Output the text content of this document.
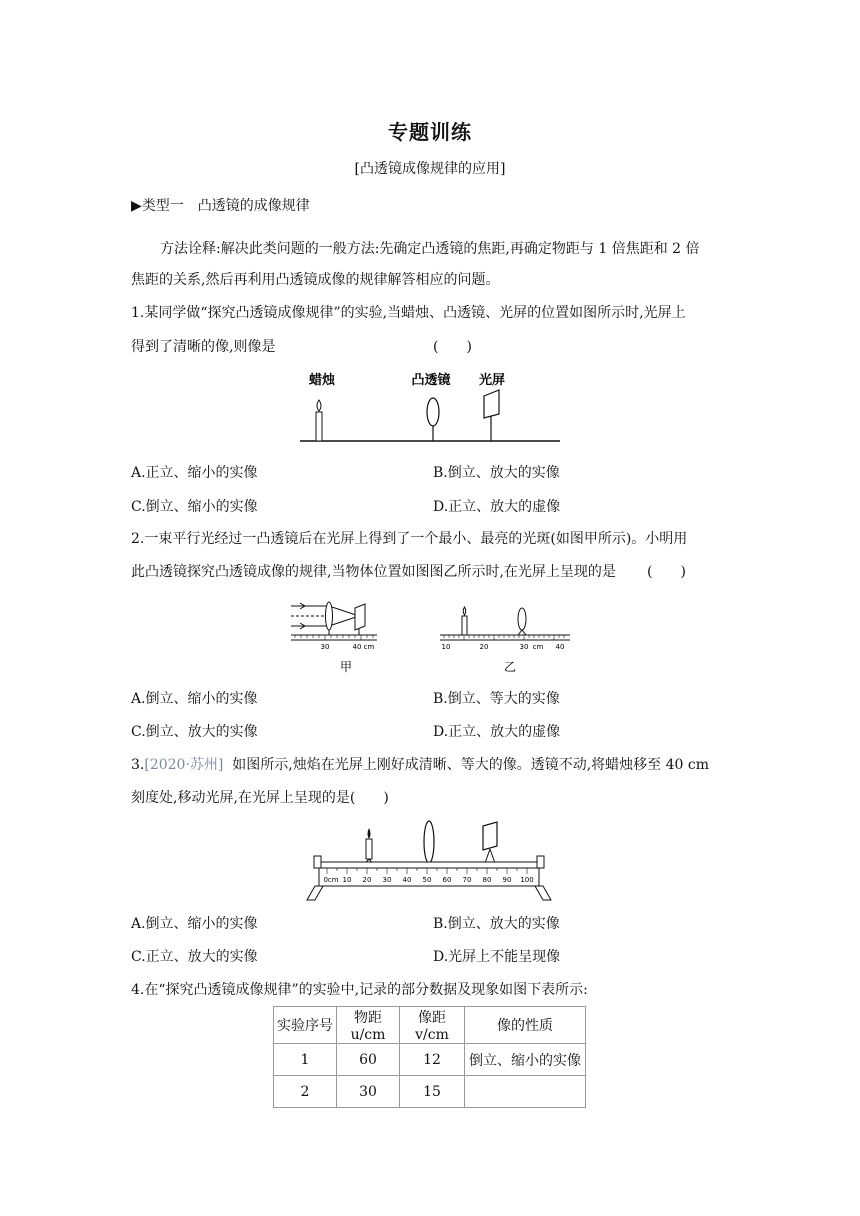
专题训练
[凸透镜成像规律的应用]
▶类型一　凸透镜的成像规律
方法诠释:解决此类问题的一般方法:先确定凸透镜的焦距,再确定物距与 1 倍焦距和 2 倍
焦距的关系,然后再利用凸透镜成像的规律解答相应的问题。
1.某同学做“探究凸透镜成像规律”的实验,当蜡烛、凸透镜、光屏的位置如图所示时,光屏上
得到了清晰的像,则像是	(　　)
蜡烛	凸透镜 光屏
A.正立、缩小的实像	B.倒立、放大的实像
C.倒立、缩小的实像	D.正立、放大的虚像
2.一束平行光经过一凸透镜后在光屏上得到了一个最小、最亮的光斑(如图甲所示)。小明用
此凸透镜探究凸透镜成像的规律,当物体位置如图图乙所示时,在光屏上呈现的是 (　　)
30	40 cm
甲
10	20	30 cm 40
乙
A.倒立、缩小的实像	B.倒立、等大的实像
C.倒立、放大的实像	D.正立、放大的虚像
3.[2020·苏州] 如图所示,烛焰在光屏上刚好成清晰、等大的像。透镜不动,将蜡烛移至 40 cm
刻度处,移动光屏,在光屏上呈现的是(　　)
0cm 10 20 30 40 50 60 70 80 90 100
A.倒立、缩小的实像	B.倒立、放大的实像
C.正立、放大的实像	D.光屏上不能呈现像
4.在“探究凸透镜成像规律”的实验中,记录的部分数据及现象如图下表所示:
实验序号	物距 u/cm	像距 v/cm	像的性质
1	60	12	倒立、缩小的实像
2	30	15	
